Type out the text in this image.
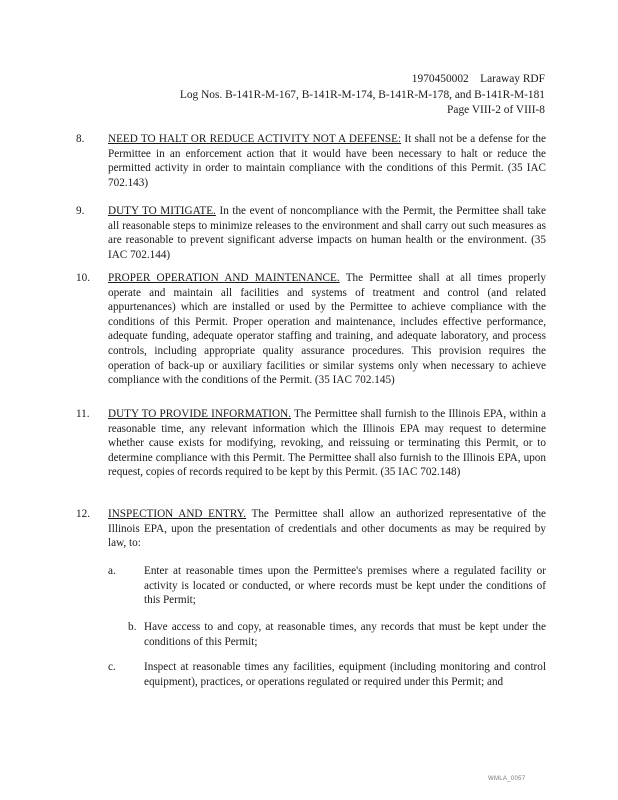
1970450002    Laraway RDF
Log Nos. B-141R-M-167, B-141R-M-174, B-141R-M-178, and B-141R-M-181
Page VIII-2 of VIII-8
8.	NEED TO HALT OR REDUCE ACTIVITY NOT A DEFENSE: It shall not be a defense for the Permittee in an enforcement action that it would have been necessary to halt or reduce the permitted activity in order to maintain compliance with the conditions of this Permit. (35 IAC 702.143)
9.	DUTY TO MITIGATE. In the event of noncompliance with the Permit, the Permittee shall take all reasonable steps to minimize releases to the environment and shall carry out such measures as are reasonable to prevent significant adverse impacts on human health or the environment. (35 IAC 702.144)
10.	PROPER OPERATION AND MAINTENANCE. The Permittee shall at all times properly operate and maintain all facilities and systems of treatment and control (and related appurtenances) which are installed or used by the Permittee to achieve compliance with the conditions of this Permit. Proper operation and maintenance, includes effective performance, adequate funding, adequate operator staffing and training, and adequate laboratory, and process controls, including appropriate quality assurance procedures. This provision requires the operation of back-up or auxiliary facilities or similar systems only when necessary to achieve compliance with the conditions of the Permit. (35 IAC 702.145)
11.	DUTY TO PROVIDE INFORMATION. The Permittee shall furnish to the Illinois EPA, within a reasonable time, any relevant information which the Illinois EPA may request to determine whether cause exists for modifying, revoking, and reissuing or terminating this Permit, or to determine compliance with this Permit. The Permittee shall also furnish to the Illinois EPA, upon request, copies of records required to be kept by this Permit. (35 IAC 702.148)
12.	INSPECTION AND ENTRY. The Permittee shall allow an authorized representative of the Illinois EPA, upon the presentation of credentials and other documents as may be required by law, to:
a.	Enter at reasonable times upon the Permittee's premises where a regulated facility or activity is located or conducted, or where records must be kept under the conditions of this Permit;
b. Have access to and copy, at reasonable times, any records that must be kept under the conditions of this Permit;
c.	Inspect at reasonable times any facilities, equipment (including monitoring and control equipment), practices, or operations regulated or required under this Permit; and
WMLA_0057
